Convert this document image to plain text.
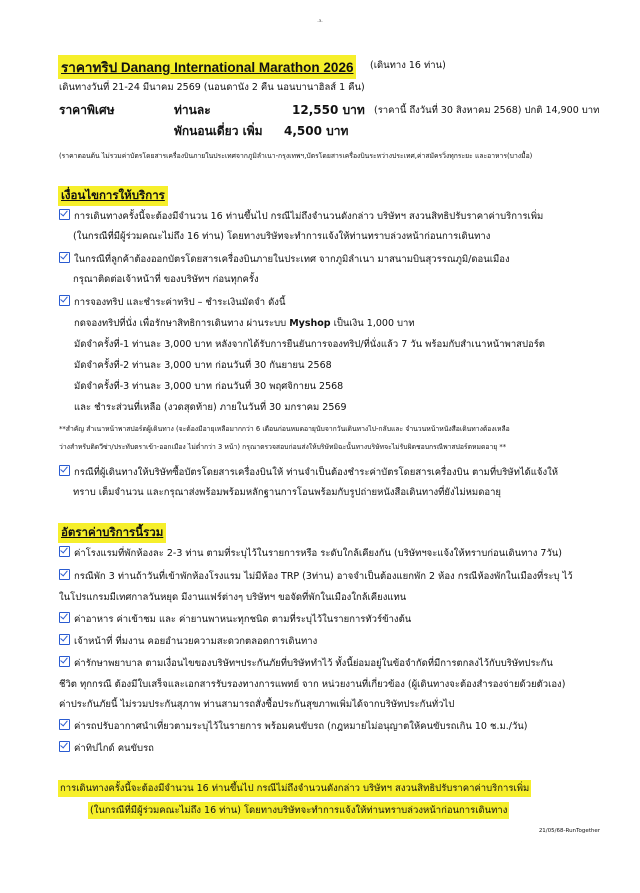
-3-
ราคาทริป Danang International Marathon 2026	(เดินทาง 16 ท่าน)
เดินทางวันที่ 21-24 มีนาคม 2569 (นอนดานัง 2 คืน นอนบานาฮิลส์ 1 คืน)
ราคาพิเศษ	ท่านละ	12,550 บาท (ราคานี้ ถึงวันที่ 30 สิงหาคม 2568) ปกติ 14,900 บาท
พักนอนเดี่ยว เพิ่ม 4,500 บาท
(ราคาตอนต้น ไม่รวมค่าบัตรโดยสารเครื่องบินภายในประเทศจากภูมิลำเนา-กรุงเทพฯ,บัตรโดยสารเครื่องบินระหว่างประเทศ,ค่าสมัครวิ่งทุกระยะ และอาหาร(บางมื้อ)
เงื่อนไขการให้บริการ
การเดินทางครั้งนี้จะต้องมีจำนวน 16 ท่านขึ้นไป กรณีไม่ถึงจำนวนดังกล่าว บริษัทฯ สงวนสิทธิปรับราคาค่าบริการเพิ่ม
(ในกรณีที่มีผู้ร่วมคณะไม่ถึง 16 ท่าน) โดยทางบริษัทจะทำการแจ้งให้ท่านทราบล่วงหน้าก่อนการเดินทาง
ในกรณีที่ลูกค้าต้องออกบัตรโดยสารเครื่องบินภายในประเทศ จากภูมิลำเนา มาสนามบินสุวรรณภูมิ/ดอนเมือง
กรุณาติดต่อเจ้าหน้าที่ ของบริษัทฯ ก่อนทุกครั้ง
การจองทริป และชำระค่าทริป – ชำระเงินมัดจำ ดังนี้
กดจองทริปที่นั่ง เพื่อรักษาสิทธิการเดินทาง ผ่านระบบ Myshop เป็นเงิน 1,000 บาท
มัดจำครั้งที่-1 ท่านละ 3,000 บาท หลังจากได้รับการยืนยันการจองทริป/ที่นั่งแล้ว 7 วัน พร้อมกับสำเนาหน้าพาสปอร์ต
มัดจำครั้งที่-2 ท่านละ 3,000 บาท ก่อนวันที่ 30 กันยายน 2568
มัดจำครั้งที่-3 ท่านละ 3,000 บาท ก่อนวันที่ 30 พฤศจิกายน 2568
และ ชำระส่วนที่เหลือ (งวดสุดท้าย) ภายในวันที่ 30 มกราคม 2569
**สำคัญ สำเนาหน้าพาสปอร์ตผู้เดินทาง (จะต้องมีอายุเหลือมากกว่า 6 เดือนก่อนหมดอายุนับจากวันเดินทางไป-กลับและ จำนวนหน้าหนังสือเดินทางต้องเหลือ
ว่างสำหรับติดวีซ่า/ประทับตราเข้า-ออกเมือง ไม่ต่ำกว่า 3 หน้า) กรุณาตรวจสอบก่อนส่งให้บริษัทมิฉะนั้นทางบริษัทจะไม่รับผิดชอบกรณีพาสปอร์ตหมดอายุ **
กรณีที่ผู้เดินทางให้บริษัทซื้อบัตรโดยสารเครื่องบินให้ ท่านจำเป็นต้องชำระค่าบัตรโดยสารเครื่องบิน ตามที่บริษัทได้แจ้งให้
ทราบ เต็มจำนวน และกรุณาส่งพร้อมพร้อมหลักฐานการโอนพร้อมกับรูปถ่ายหนังสือเดินทางที่ยังไม่หมดอายุ
อัตราค่าบริการนี้รวม
ค่าโรงแรมที่พักห้องละ 2-3 ท่าน ตามที่ระบุไว้ในรายการหรือ ระดับใกล้เคียงกัน (บริษัทฯจะแจ้งให้ทราบก่อนเดินทาง 7วัน)
กรณีพัก 3 ท่านถ้าวันที่เข้าพักห้องโรงแรม ไม่มีห้อง TRP (3ท่าน) อาจจำเป็นต้องแยกพัก 2 ห้อง กรณีห้องพักในเมืองที่ระบุ ไว้
ในโปรแกรมมีเทศกาลวันหยุด มีงานแฟร์ต่างๆ บริษัทฯ ขอจัดที่พักในเมืองใกล้เคียงแทน
ค่าอาหาร ค่าเข้าชม และ ค่ายานพาหนะทุกชนิด ตามที่ระบุไว้ในรายการทัวร์ข้างต้น
เจ้าหน้าที่ ที่มงาน คอยอำนวยความสะดวกตลอดการเดินทาง
ค่ารักษาพยาบาล ตามเงื่อนไขของบริษัทฯประกันภัยที่บริษัททำไว้ ทั้งนี้ย่อมอยู่ในข้อจำกัดที่มีการตกลงไว้กับบริษัทประกัน
ชีวิต ทุกกรณี ต้องมีใบเสร็จและเอกสารรับรองทางการแพทย์ จาก หน่วยงานที่เกี่ยวข้อง (ผู้เดินทางจะต้องสำรองจ่ายด้วยตัวเอง)
ค่าประกันภัยนี้ ไม่รวมประกันสุภาพ ท่านสามารถสั่งซื้อประกันสุขภาพเพิ่มได้จากบริษัทประกันทั่วไป
ค่ารถปรับอากาศนำเที่ยวตามระบุไว้ในรายการ พร้อมคนขับรถ (กฎหมายไม่อนุญาตให้คนขับรถเกิน 10 ช.ม./วัน)
ค่าทิปไกด์ คนขับรถ
การเดินทางครั้งนี้จะต้องมีจำนวน 16 ท่านขึ้นไป กรณีไม่ถึงจำนวนดังกล่าว บริษัทฯ สงวนสิทธิปรับราคาค่าบริการเพิ่ม
(ในกรณีที่มีผู้ร่วมคณะไม่ถึง 16 ท่าน) โดยทางบริษัทจะทำการแจ้งให้ท่านทราบล่วงหน้าก่อนการเดินทาง
21/05/68-RunTogether
